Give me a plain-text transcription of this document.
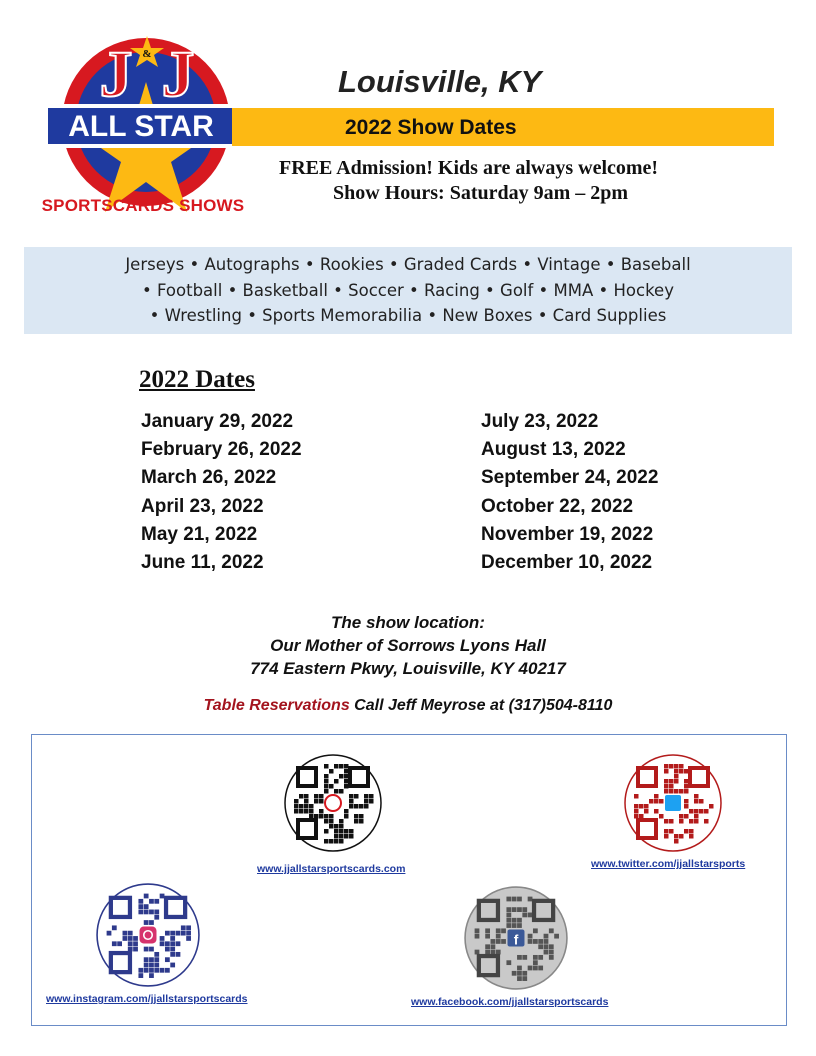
ALL STAR
J J
&
SPORTSCARDS SHOWS
Louisville, KY
2022 Show Dates
FREE Admission! Kids are always welcome!
Show Hours: Saturday 9am – 2pm
Jerseys • Autographs • Rookies • Graded Cards • Vintage • Baseball
• Football • Basketball • Soccer • Racing • Golf • MMA • Hockey
• Wrestling • Sports Memorabilia • New Boxes • Card Supplies
2022 Dates
January 29, 2022
February 26, 2022
March 26, 2022
April 23, 2022
May 21, 2022
June 11, 2022
July 23, 2022
August 13, 2022
September 24, 2022
October 22, 2022
November 19, 2022
December 10, 2022
The show location:
Our Mother of Sorrows Lyons Hall
774 Eastern Pkwy, Louisville, KY 40217
Table Reservations Call Jeff Meyrose at (317)504-8110
www.jjallstarsportscards.com	www.twitter.com/jjallstarsports
www.instagram.com/jjallstarsportscards
f
www.facebook.com/jjallstarsportscards
